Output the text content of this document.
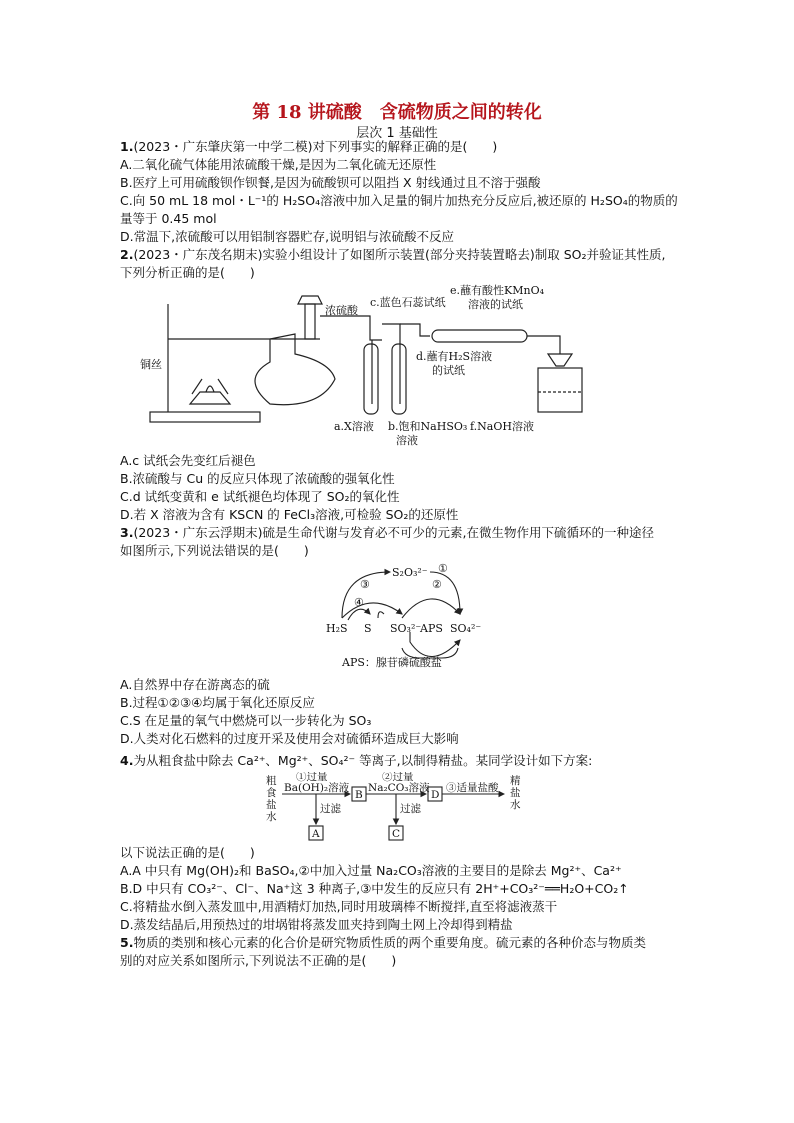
第 18 讲硫酸　含硫物质之间的转化
层次 1 基础性

1.(2023・广东肇庆第一中学二模)对下列事实的解释正确的是(　　)

A.二氧化硫气体能用浓硫酸干燥,是因为二氧化硫无还原性

B.医疗上可用硫酸钡作钡餐,是因为硫酸钡可以阻挡 X 射线通过且不溶于强酸

C.向 50 mL 18 mol・L⁻¹的 H₂SO₄溶液中加入足量的铜片加热充分反应后,被还原的 H₂SO₄的物质的

量等于 0.45 mol

D.常温下,浓硫酸可以用铝制容器贮存,说明铝与浓硫酸不反应

2.(2023・广东茂名期末)实验小组设计了如图所示装置(部分夹持装置略去)制取 SO₂并验证其性质,

下列分析正确的是(　　)

浓硫酸
铜丝
c.蓝色石蕊试纸
e.蘸有酸性KMnO₄
溶液的试纸
d.蘸有H₂S溶液
的试纸
a.X溶液 b.饱和NaHSO₃
溶液
f.NaOH溶液

A.c 试纸会先变红后褪色

B.浓硫酸与 Cu 的反应只体现了浓硫酸的强氧化性

C.d 试纸变黄和 e 试纸褪色均体现了 SO₂的氧化性

D.若 X 溶液为含有 KSCN 的 FeCl₃溶液,可检验 SO₂的还原性

3.(2023・广东云浮期末)硫是生命代谢与发育必不可少的元素,在微生物作用下硫循环的一种途径

如图所示,下列说法错误的是(　　)

S₂O₃²⁻ ①
②
③
④
H₂S S SO₃²⁻
APS SO₄²⁻
APS：腺苷磷硫酸盐

A.自然界中存在游离态的硫

B.过程①②③④均属于氧化还原反应

C.S 在足量的氧气中燃烧可以一步转化为 SO₃

D.人类对化石燃料的过度开采及使用会对硫循环造成巨大影响

4.为从粗食盐中除去 Ca²⁺、Mg²⁺、SO₄²⁻ 等离子,以制得精盐。某同学设计如下方案:

粗
食
盐
水
①过量
Ba(OH)₂溶液
过滤
B
②过量
Na₂CO₃溶液
过滤
D
③适量盐酸
A	C
精
盐
水

以下说法正确的是(　　)

A.A 中只有 Mg(OH)₂和 BaSO₄,②中加入过量 Na₂CO₃溶液的主要目的是除去 Mg²⁺、Ca²⁺

B.D 中只有 CO₃²⁻、Cl⁻、Na⁺这 3 种离子,③中发生的反应只有 2H⁺+CO₃²⁻══H₂O+CO₂↑

C.将精盐水倒入蒸发皿中,用酒精灯加热,同时用玻璃棒不断搅拌,直至将滤液蒸干

D.蒸发结晶后,用预热过的坩埚钳将蒸发皿夹持到陶土网上冷却得到精盐

5.物质的类别和核心元素的化合价是研究物质性质的两个重要角度。硫元素的各种价态与物质类

别的对应关系如图所示,下列说法不正确的是(　　)
